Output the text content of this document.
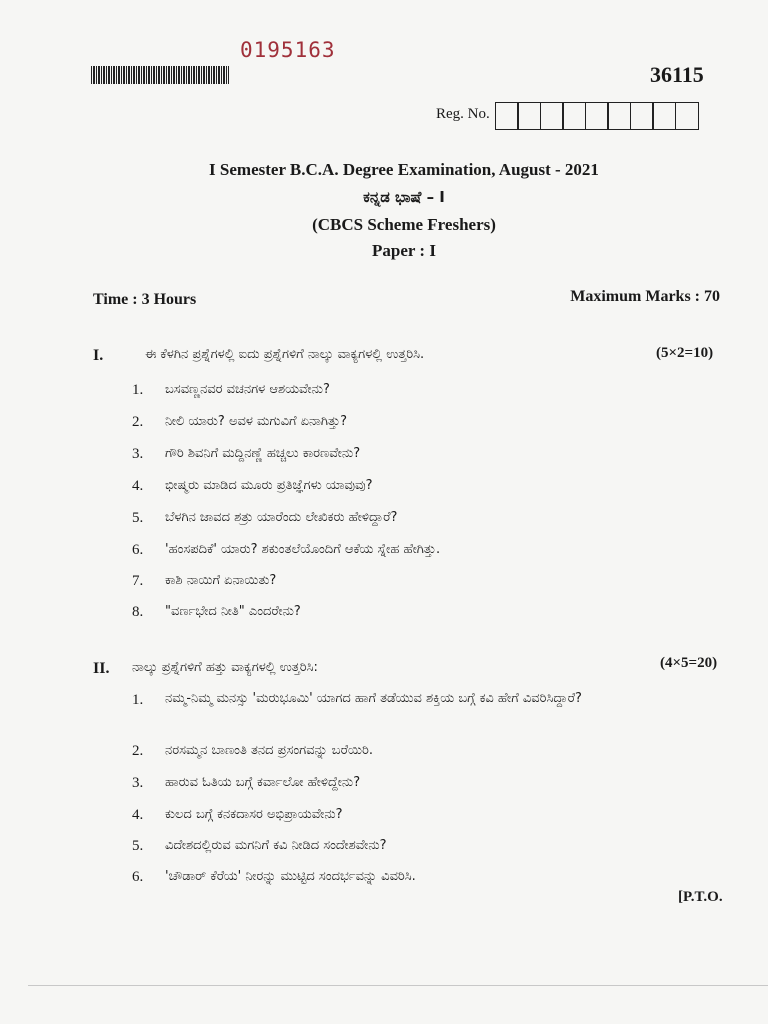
0195163
36115
Reg. No.
I Semester B.C.A. Degree Examination, August - 2021
ಕನ್ನಡ ಭಾಷೆ – I
(CBCS Scheme Freshers)
Paper : I
Time : 3 Hours	Maximum Marks : 70
I.	ಈ ಕೆಳಗಿನ ಪ್ರಶ್ನೆಗಳಲ್ಲಿ ಐದು ಪ್ರಶ್ನೆಗಳಿಗೆ ನಾಲ್ಕು ವಾಕ್ಯಗಳಲ್ಲಿ ಉತ್ತರಿಸಿ.	(5×2=10)
1. ಬಸವಣ್ಣನವರ ವಚನಗಳ ಆಶಯವೇನು?
2. ನೀಲಿ ಯಾರು? ಅವಳ ಮಗುವಿಗೆ ಏನಾಗಿತ್ತು?
3. ಗೌರಿ ಶಿವನಿಗೆ ಮದ್ದಿನಣ್ಣೆ ಹಚ್ಚಲು ಕಾರಣವೇನು?
4. ಭೀಷ್ಮರು ಮಾಡಿದ ಮೂರು ಪ್ರತಿಜ್ಞೆಗಳು ಯಾವುವು?
5. ಬೆಳಗಿನ ಜಾವದ ಶತ್ರು ಯಾರೆಂದು ಲೇಖಿಕರು ಹೇಳಿದ್ದಾರೆ?
6. 'ಹಂಸಪದಿಕೆ' ಯಾರು? ಶಕುಂತಲೆಯೊಂದಿಗೆ ಆಕೆಯ ಸ್ನೇಹ ಹೇಗಿತ್ತು.
7. ಕಾಶಿ ನಾಯಿಗೆ ಏನಾಯಿತು?
8. "ವರ್ಣಭೇದ ನೀತಿ" ಎಂದರೇನು?
II. ನಾಲ್ಕು ಪ್ರಶ್ನೆಗಳಿಗೆ ಹತ್ತು ವಾಕ್ಯಗಳಲ್ಲಿ ಉತ್ತರಿಸಿ:	(4×5=20)
1. ನಮ್ಮ-ನಿಮ್ಮ ಮನಸ್ಸು 'ಮರುಭೂಮಿ' ಯಾಗದ ಹಾಗೆ ತಡೆಯುವ ಶಕ್ತಿಯ ಬಗ್ಗೆ ಕವಿ ಹೇಗೆ ವಿವರಿಸಿದ್ದಾರೆ?
2. ನರಸಮ್ಮನ ಬಾಣಂತಿ ತನದ ಪ್ರಸಂಗವನ್ನು ಬರೆಯಿರಿ.
3. ಹಾರುವ ಓತಿಯ ಬಗ್ಗೆ ಕರ್ವಾಲೋ ಹೇಳಿದ್ದೇನು?
4. ಕುಲದ ಬಗ್ಗೆ ಕನಕದಾಸರ ಅಭಿಪ್ರಾಯವೇನು?
5. ವಿದೇಶದಲ್ಲಿರುವ ಮಗನಿಗೆ ಕವಿ ನೀಡಿದ ಸಂದೇಶವೇನು?
6. 'ಚೌಡಾರ್ ಕೆರೆಯ' ನೀರನ್ನು ಮುಟ್ಟಿದ ಸಂದರ್ಭವನ್ನು ವಿವರಿಸಿ.
[P.T.O.
